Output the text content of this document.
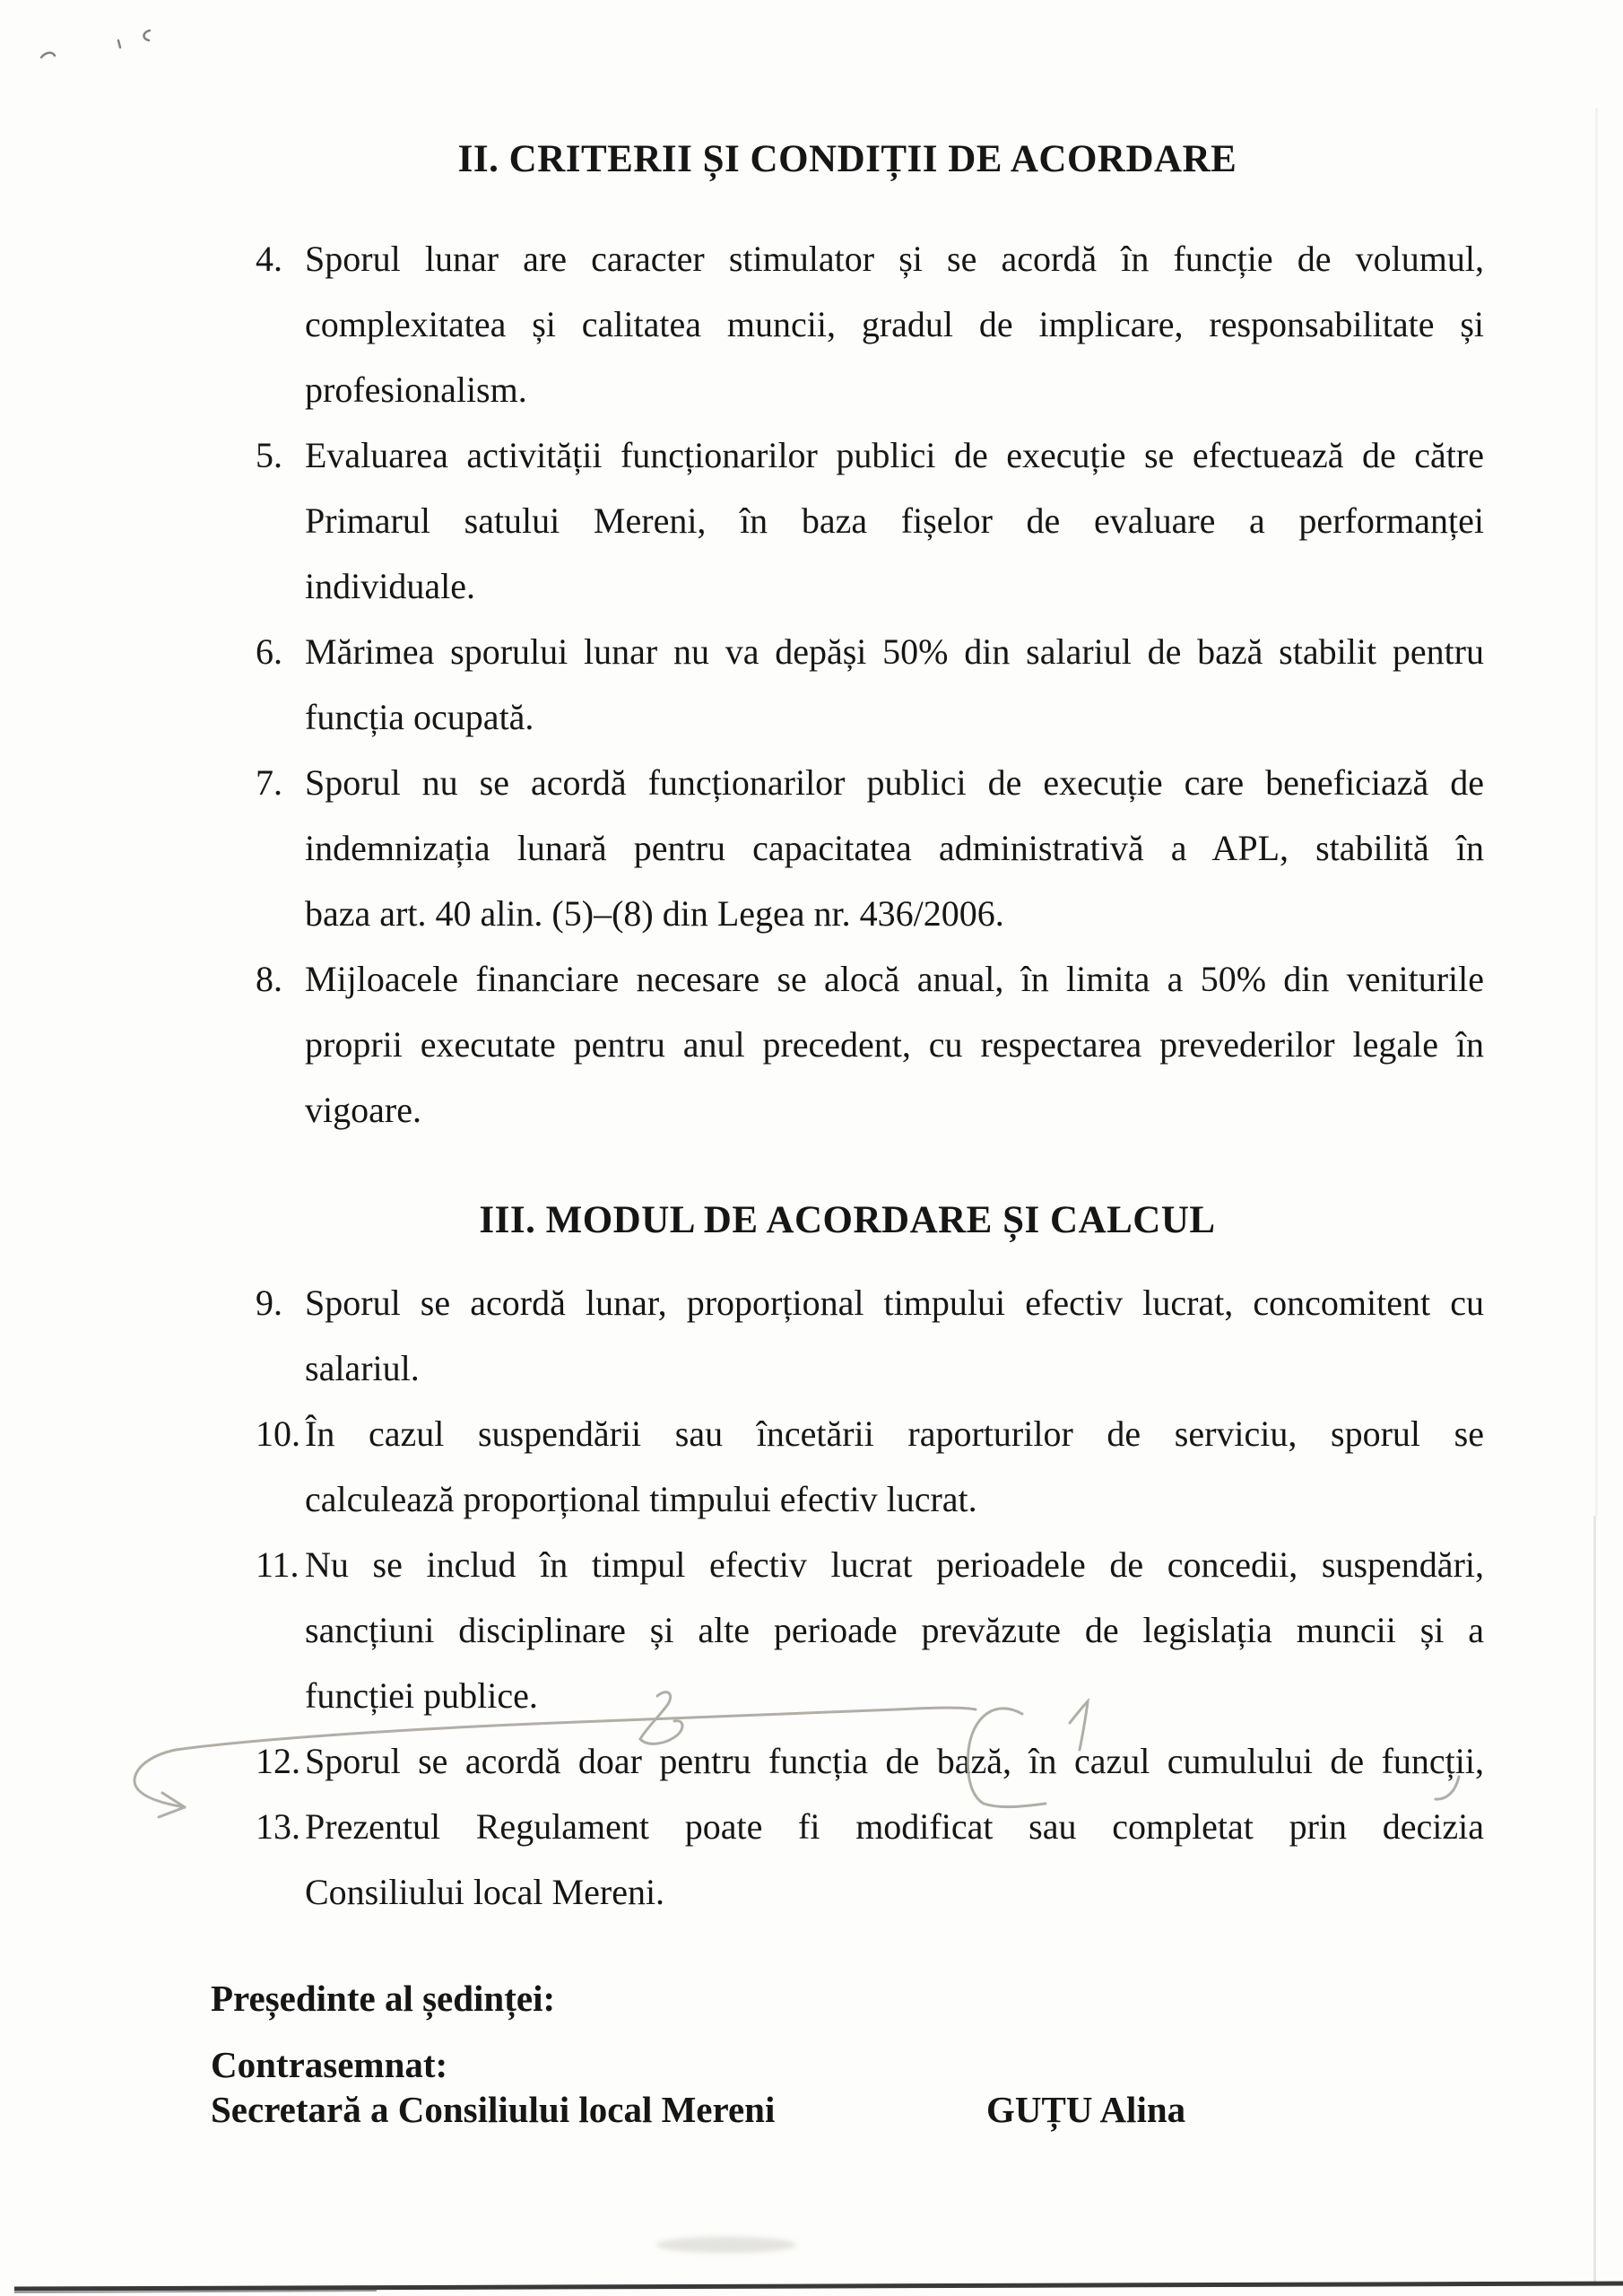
II. CRITERII ȘI CONDIȚII DE ACORDARE
4. Sporul lunar are caracter stimulator și se acordă în funcție de volumul,
complexitatea și calitatea muncii, gradul de implicare, responsabilitate și
profesionalism.
5. Evaluarea activității funcționarilor publici de execuție se efectuează de către
Primarul satului Mereni, în baza fișelor de evaluare a performanței
individuale.
6. Mărimea sporului lunar nu va depăși 50% din salariul de bază stabilit pentru
funcția ocupată.
7. Sporul nu se acordă funcționarilor publici de execuție care beneficiază de
indemnizația lunară pentru capacitatea administrativă a APL, stabilită în
baza art. 40 alin. (5)–(8) din Legea nr. 436/2006.
8. Mijloacele financiare necesare se alocă anual, în limita a 50% din veniturile
proprii executate pentru anul precedent, cu respectarea prevederilor legale în
vigoare.
III. MODUL DE ACORDARE ȘI CALCUL
9. Sporul se acordă lunar, proporțional timpului efectiv lucrat, concomitent cu
salariul.
10. În cazul suspendării sau încetării raporturilor de serviciu, sporul se
calculează proporțional timpului efectiv lucrat.
11. Nu se includ în timpul efectiv lucrat perioadele de concedii, suspendări,
sancțiuni disciplinare și alte perioade prevăzute de legislația muncii și a
funcției publice.
12. Sporul se acordă doar pentru funcția de bază, în cazul cumulului de funcții,
13. Prezentul Regulament poate fi modificat sau completat prin decizia
Consiliului local Mereni.
Președinte al ședinței:
Contrasemnat:
Secretară a Consiliului local Mereni	GUȚU Alina
